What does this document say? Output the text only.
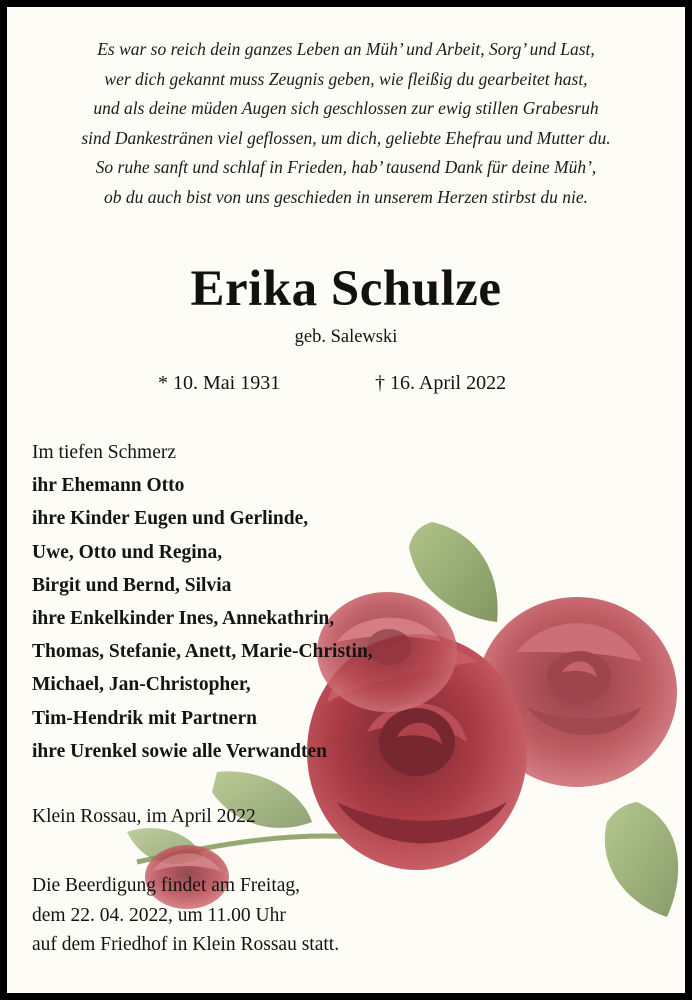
Es war so reich dein ganzes Leben an Müh’ und Arbeit, Sorg’ und Last,
wer dich gekannt muss Zeugnis geben, wie fleißig du gearbeitet hast,
und als deine müden Augen sich geschlossen zur ewig stillen Grabesruh
sind Dankestränen viel geflossen, um dich, geliebte Ehefrau und Mutter du.
So ruhe sanft und schlaf in Frieden, hab’ tausend Dank für deine Müh’,
ob du auch bist von uns geschieden in unserem Herzen stirbst du nie.
Erika Schulze
geb. Salewski
* 10. Mai 1931	† 16. April 2022
Im tiefen Schmerz
ihr Ehemann Otto
ihre Kinder Eugen und Gerlinde,
Uwe, Otto und Regina,
Birgit und Bernd, Silvia
ihre Enkelkinder Ines, Annekathrin,
Thomas, Stefanie, Anett, Marie-Christin,
Michael, Jan-Christopher,
Tim-Hendrik mit Partnern
ihre Urenkel sowie alle Verwandten
Klein Rossau, im April 2022
Die Beerdigung findet am Freitag,
dem 22. 04. 2022, um 11.00 Uhr
auf dem Friedhof in Klein Rossau statt.
